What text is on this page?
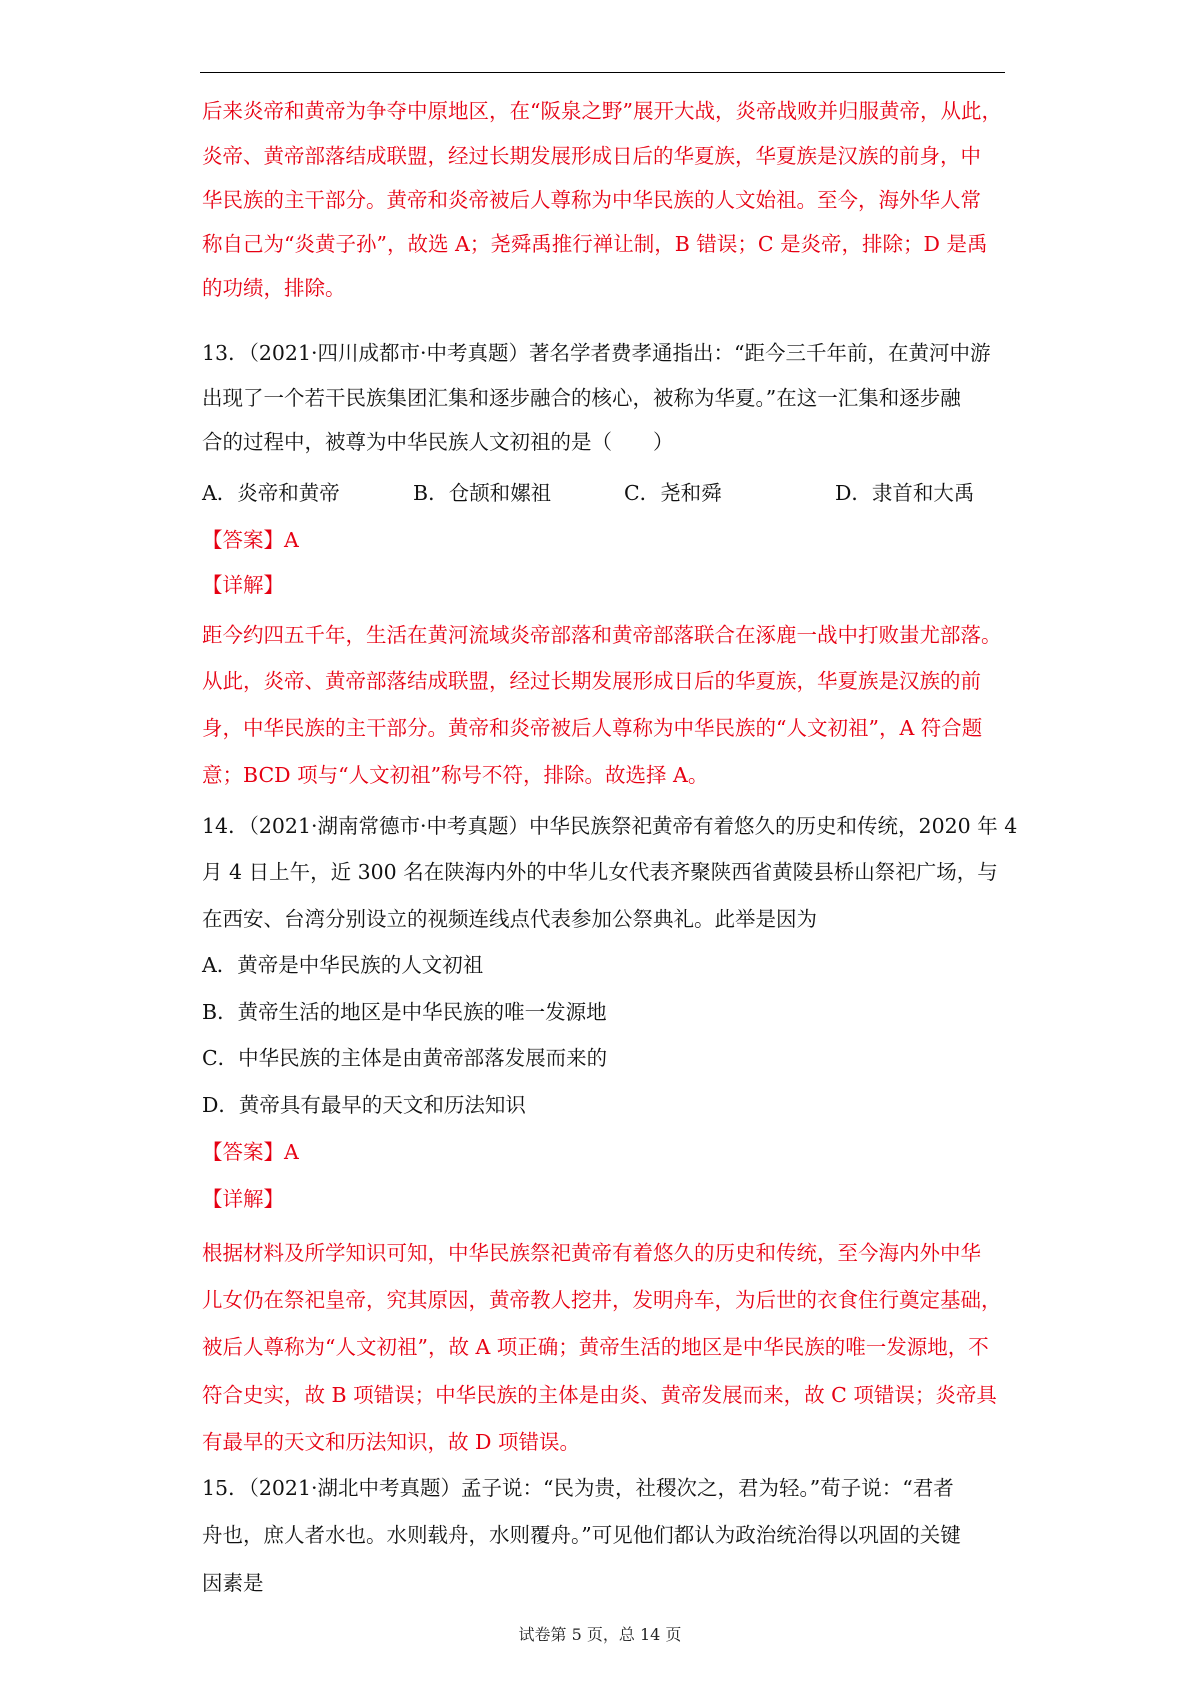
后来炎帝和黄帝为争夺中原地区，在“阪泉之野”展开大战，炎帝战败并归服黄帝，从此，
炎帝、黄帝部落结成联盟，经过长期发展形成日后的华夏族，华夏族是汉族的前身，中
华民族的主干部分。黄帝和炎帝被后人尊称为中华民族的人文始祖。至今，海外华人常
称自己为“炎黄子孙”，故选 A；尧舜禹推行禅让制，B 错误；C 是炎帝，排除；D 是禹
的功绩，排除。
13．（2021·四川成都市·中考真题）著名学者费孝通指出：“距今三千年前，在黄河中游
出现了一个若干民族集团汇集和逐步融合的核心，被称为华夏。”在这一汇集和逐步融
合的过程中，被尊为中华民族人文初祖的是（　　）
A．炎帝和黄帝	B．仓颉和嫘祖	C．尧和舜	D．隶首和大禹
【答案】A
【详解】
距今约四五千年，生活在黄河流域炎帝部落和黄帝部落联合在涿鹿一战中打败蚩尤部落。
从此，炎帝、黄帝部落结成联盟，经过长期发展形成日后的华夏族，华夏族是汉族的前
身，中华民族的主干部分。黄帝和炎帝被后人尊称为中华民族的“人文初祖”，A 符合题
意；BCD 项与“人文初祖”称号不符，排除。故选择 A。
14．（2021·湖南常德市·中考真题）中华民族祭祀黄帝有着悠久的历史和传统，2020 年 4
月 4 日上午，近 300 名在陕海内外的中华儿女代表齐聚陕西省黄陵县桥山祭祀广场，与
在西安、台湾分别设立的视频连线点代表参加公祭典礼。此举是因为
A．黄帝是中华民族的人文初祖
B．黄帝生活的地区是中华民族的唯一发源地
C．中华民族的主体是由黄帝部落发展而来的
D．黄帝具有最早的天文和历法知识
【答案】A
【详解】
根据材料及所学知识可知，中华民族祭祀黄帝有着悠久的历史和传统，至今海内外中华
儿女仍在祭祀皇帝，究其原因，黄帝教人挖井，发明舟车，为后世的衣食住行奠定基础，
被后人尊称为“人文初祖”，故 A 项正确；黄帝生活的地区是中华民族的唯一发源地，不
符合史实，故 B 项错误；中华民族的主体是由炎、黄帝发展而来，故 C 项错误；炎帝具
有最早的天文和历法知识，故 D 项错误。
15．（2021·湖北中考真题）孟子说：“民为贵，社稷次之，君为轻。”荀子说：“君者
舟也，庶人者水也。水则载舟，水则覆舟。”可见他们都认为政治统治得以巩固的关键
因素是
试卷第 5 页，总 14 页
